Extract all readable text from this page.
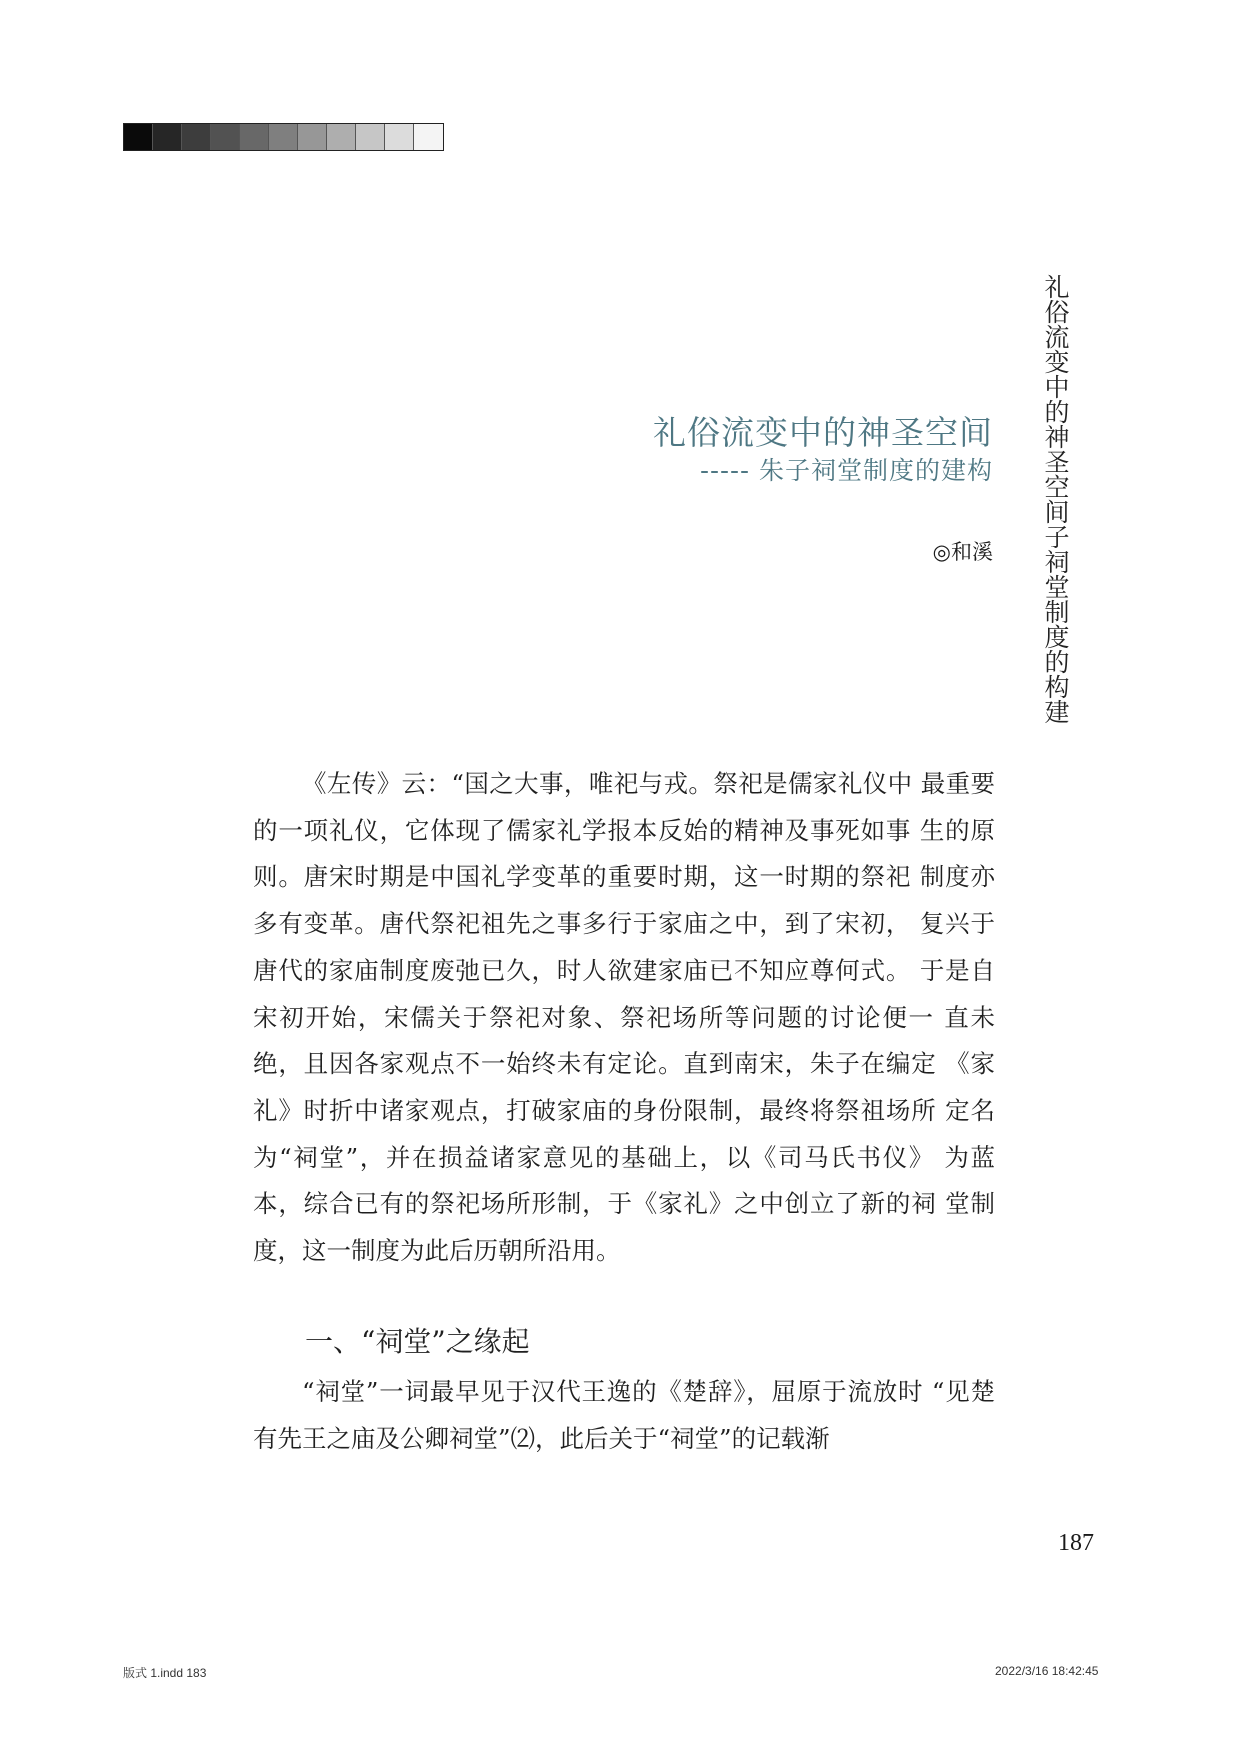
礼俗流变中的神圣空间子祠堂制度的构建
礼俗流变中的神圣空间
----- 朱子祠堂制度的建构
◎和溪

《左传》云：“国之大事，唯祀与戎。祭祀是儒家礼仪中 最重要的一项礼仪，它体现了儒家礼学报本反始的精神及事死如事 生的原则。唐宋时期是中国礼学变革的重要时期，这一时期的祭祀 制度亦多有变革。唐代祭祀祖先之事多行于家庙之中，到了宋初， 复兴于唐代的家庙制度废弛已久，时人欲建家庙已不知应尊何式。 于是自宋初开始，宋儒关于祭祀对象、祭祀场所等问题的讨论便一 直未绝，且因各家观点不一始终未有定论。直到南宋，朱子在编定 《家礼》时折中诸家观点，打破家庙的身份限制，最终将祭祖场所 定名为“祠堂”，并在损益诸家意见的基础上，以《司马氏书仪》 为蓝本，综合已有的祭祀场所形制，于《家礼》之中创立了新的祠 堂制度，这一制度为此后历朝所沿用。

一、“祠堂”之缘起

“祠堂”一词最早见于汉代王逸的《楚辞》，屈原于流放时 “见楚有先王之庙及公卿祠堂”⑵，此后关于“祠堂”的记载渐

187
版式 1.indd 183	2022/3/16 18:42:45
